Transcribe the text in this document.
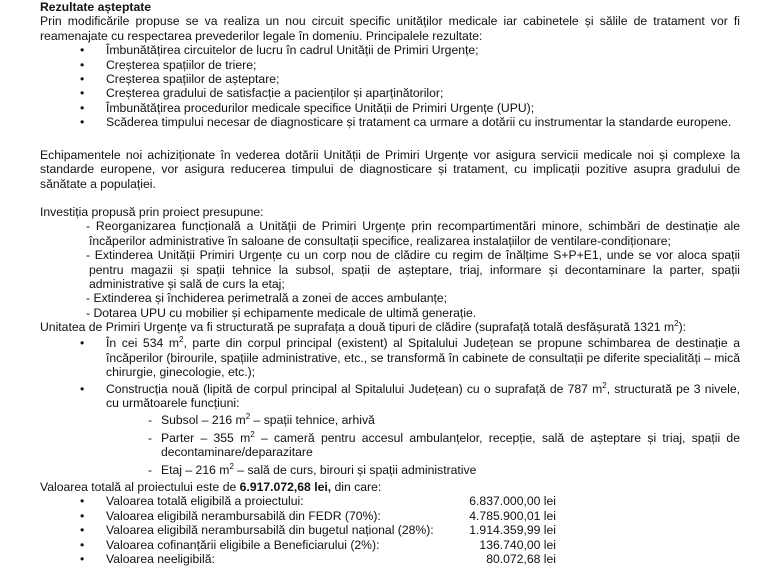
Rezultate așteptate
Prin modificările propuse se va realiza un nou circuit specific unităților medicale iar cabinetele și sălile de tratament vor fi reamenajate cu respectarea prevederilor legale în domeniu. Principalele rezultate:
• Îmbunătățirea circuitelor de lucru în cadrul Unității de Primiri Urgențe;
• Creșterea spațiilor de triere;
• Creșterea spațiilor de așteptare;
• Creșterea gradului de satisfacție a pacienților și aparținătorilor;
• Îmbunătățirea procedurilor medicale specifice Unității de Primiri Urgențe (UPU);
• Scăderea timpului necesar de diagnosticare și tratament ca urmare a dotării cu instrumentar la standarde europene.
Echipamentele noi achiziționate în vederea dotării Unității de Primiri Urgențe vor asigura servicii medicale noi și complexe la standarde europene, vor asigura reducerea timpului de diagnosticare și tratament, cu implicații pozitive asupra gradului de sănătate a populației.
Investiția propusă prin proiect presupune:
- Reorganizarea funcțională a Unității de Primiri Urgențe prin recompartimentări minore, schimbări de destinație ale încăperilor administrative în saloane de consultații specifice, realizarea instalațiilor de ventilare-condiționare;
- Extinderea Unității Primiri Urgențe cu un corp nou de clădire cu regim de înălțime S+P+E1, unde se vor aloca spații pentru magazii și spații tehnice la subsol, spații de așteptare, triaj, informare și decontaminare la parter, spații administrative și sală de curs la etaj;
- Extinderea și închiderea perimetrală a zonei de acces ambulanțe;
- Dotarea UPU cu mobilier și echipamente medicale de ultimă generație.
Unitatea de Primiri Urgențe va fi structurată pe suprafața a două tipuri de clădire (suprafață totală desfășurată 1321 $m^2$):
• În cei 534 $m^2$, parte din corpul principal (existent) al Spitalului Județean se propune schimbarea de destinație a încăperilor (birourile, spațiile administrative, etc., se transformă în cabinete de consultații pe diferite specialități – mică chirurgie, ginecologie, etc.);
• Construcția nouă (lipită de corpul principal al Spitalului Județean) cu o suprafață de 787 $m^2$, structurată pe 3 nivele, cu următoarele funcțiuni:
- Subsol – 216 $m^2$ – spații tehnice, arhivă
- Parter – 355 $m^2$ – cameră pentru accesul ambulanțelor, recepție, sală de așteptare și triaj, spații de decontaminare/deparazitare
- Etaj – 216 $m^2$ – sală de curs, birouri și spații administrative
Valoarea totală al proiectului este de 6.917.072,68 lei, din care:
• Valoarea totală eligibilă a proiectului:	6.837.000,00 lei
• Valoarea eligibilă nerambursabilă din FEDR (70%):	4.785.900,01 lei
• Valoarea eligibilă nerambursabilă din bugetul național (28%):	1.914.359,99 lei
• Valoarea cofinanțării eligibile a Beneficiarului (2%):	136.740,00 lei
• Valoarea neeligibilă:	80.072,68 lei
